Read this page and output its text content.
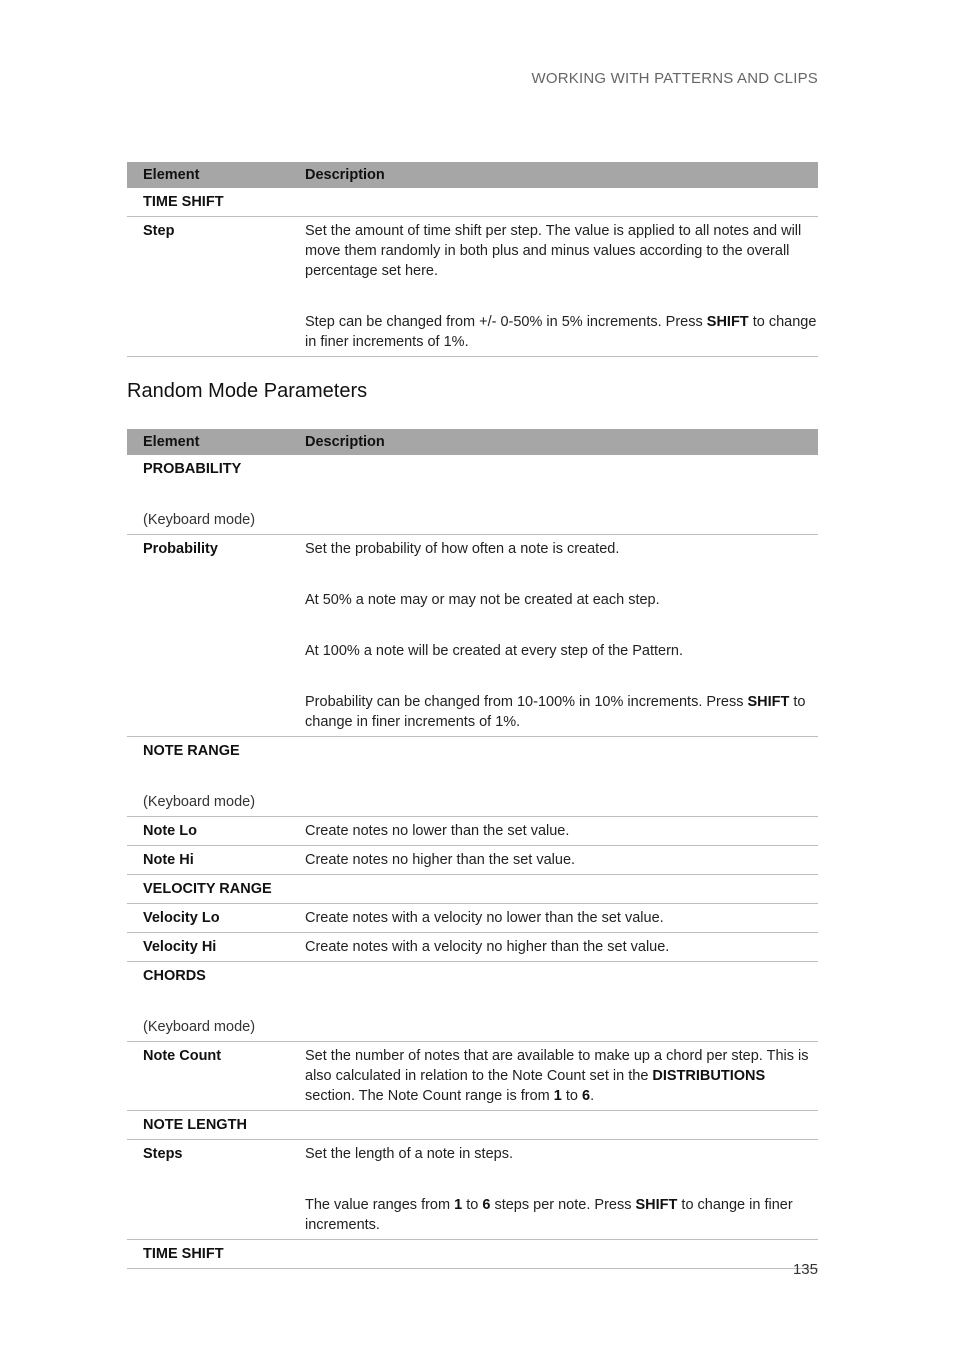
WORKING WITH PATTERNS AND CLIPS
Element	Description
TIME SHIFT	
Step	Set the amount of time shift per step. The value is applied to all notes and will move them randomly in both plus and minus values according to the overall percentage set here.

Step can be changed from +/- 0-50% in 5% increments. Press SHIFT to change in finer increments of 1%.

Random Mode Parameters
Element	Description

PROBABILITY
(Keyboard mode)	

Probability	Set the probability of how often a note is created.

At 50% a note may or may not be created at each step.

At 100% a note will be created at every step of the Pattern.

Probability can be changed from 10-100% in 10% increments. Press SHIFT to change in finer increments of 1%.

NOTE RANGE
(Keyboard mode)	

Note Lo	Create notes no lower than the set value.
Note Hi	Create notes no higher than the set value.
VELOCITY RANGE	
Velocity Lo	Create notes with a velocity no lower than the set value.
Velocity Hi	Create notes with a velocity no higher than the set value.

CHORDS
(Keyboard mode)	

Note Count	Set the number of notes that are available to make up a chord per step. This is also calculated in relation to the Note Count set in the DISTRIBUTIONS section. The Note Count range is from 1 to 6.
NOTE LENGTH	
Steps	Set the length of a note in steps.

The value ranges from 1 to 6 steps per note. Press SHIFT to change in finer increments.

TIME SHIFT	
135
